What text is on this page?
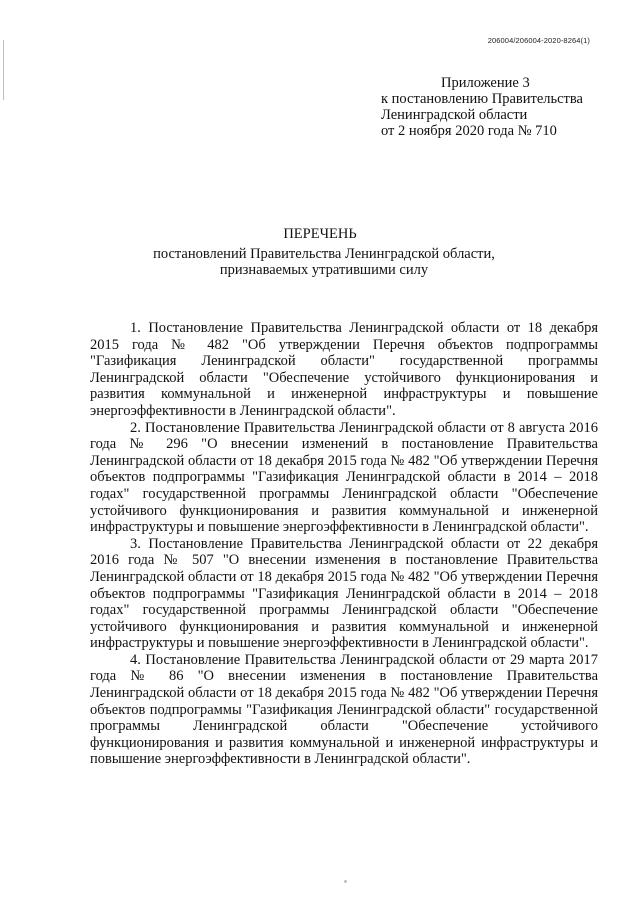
206004/206004-2020-8264(1)
Приложение 3
к постановлению Правительства
Ленинградской области
от 2 ноября 2020 года № 710
ПЕРЕЧЕНЬ
постановлений Правительства Ленинградской области,
признаваемых утратившими силу

1. Постановление Правительства Ленинградской области от 18 декабря 2015 года № 482 "Об утверждении Перечня объектов подпрограммы "Газификация Ленинградской области" государственной программы Ленинградской области "Обеспечение устойчивого функционирования и развития коммунальной и инженерной инфраструктуры и повышение энергоэффективности в Ленинградской области".

2. Постановление Правительства Ленинградской области от 8 августа 2016 года № 296 "О внесении изменений в постановление Правительства Ленинградской области от 18 декабря 2015 года № 482 "Об утверждении Перечня объектов подпрограммы "Газификация Ленинградской области в 2014 – 2018 годах" государственной программы Ленинградской области "Обеспечение устойчивого функционирования и развития коммунальной и инженерной инфраструктуры и повышение энергоэффективности в Ленинградской области".

3. Постановление Правительства Ленинградской области от 22 декабря 2016 года № 507 "О внесении изменения в постановление Правительства Ленинградской области от 18 декабря 2015 года № 482 "Об утверждении Перечня объектов подпрограммы "Газификация Ленинградской области в 2014 – 2018 годах" государственной программы Ленинградской области "Обеспечение устойчивого функционирования и развития коммунальной и инженерной инфраструктуры и повышение энергоэффективности в Ленинградской области".

4. Постановление Правительства Ленинградской области от 29 марта 2017 года № 86 "О внесении изменения в постановление Правительства Ленинградской области от 18 декабря 2015 года № 482 "Об утверждении Перечня объектов подпрограммы "Газификация Ленинградской области" государственной программы Ленинградской области "Обеспечение устойчивого функционирования и развития коммунальной и инженерной инфраструктуры и повышение энергоэффективности в Ленинградской области".
